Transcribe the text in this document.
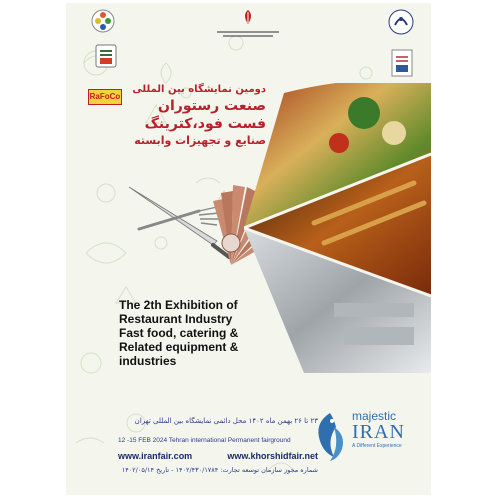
RaFoCo
دومین نمایشگاه بین المللی
صنعت رستوران
فست فود،کترینگ
صنایع و تجهیزات وابسته
The 2th Exhibition of
Restaurant Industry
Fast food, catering &
Related equipment &
industries
majestic
IRAN
A Different Experience
۲۳ تا ۲۶ بهمن ماه ۱۴۰۲ محل دائمی نمایشگاه بین المللی تهران
12 -15 FEB 2024 Tehran international Permanent fairground
www.iranfair.com	www.khorshidfair.net
شماره مجوز سازمان توسعه تجارت: ۱۴۰۲/۴۳۰/۱۷۸۴ - تاریخ ۱۴۰۲/۰۵/۱۴
